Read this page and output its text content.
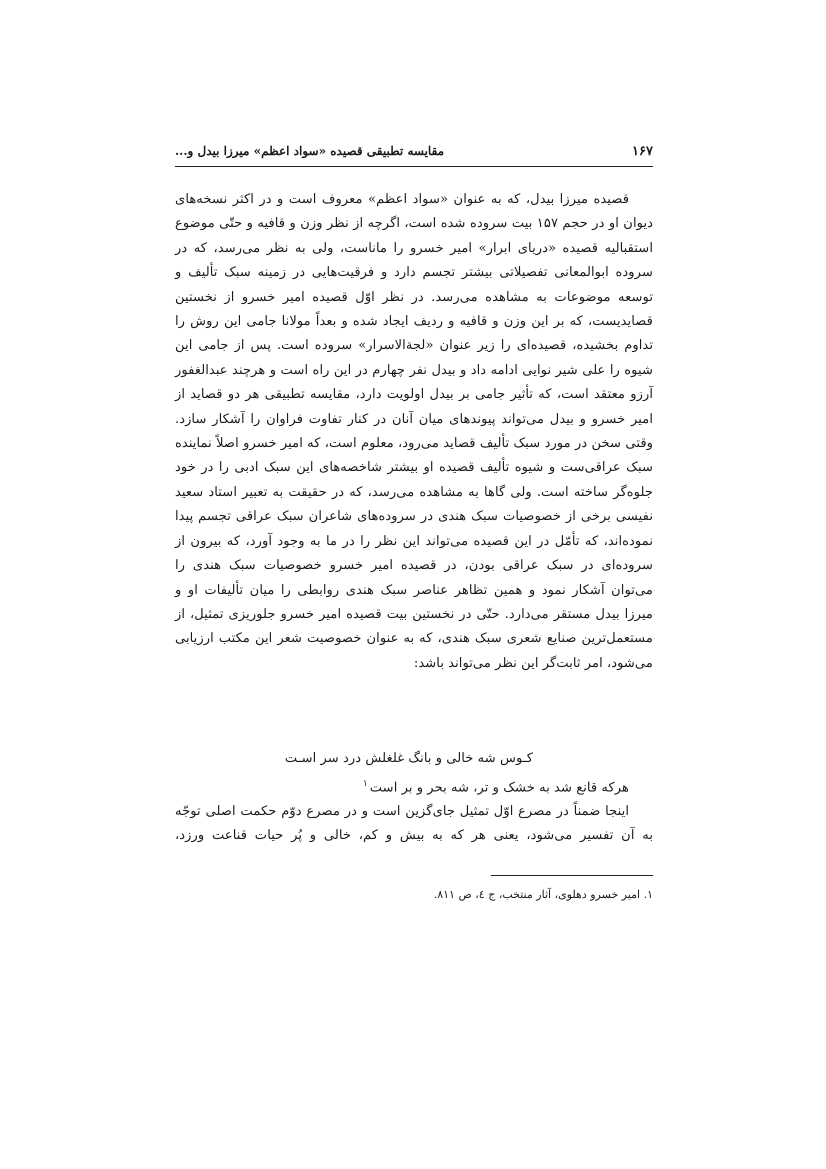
۱۶۷
مقایسه تطبیقی قصیده «سواد اعظم» میرزا بیدل و...

قصیده میرزا بیدل، که به عنوان «سواد اعظم» معروف است و در اکثر نسخه‌های دیوان او در حجم ۱۵۷ بیت سروده شده است، اگرچه از نظر وزن و قافیه و حتّی موضوع استقبالیه قصیده «دریای ابرار» امیر خسرو را ماناست، ولی به نظر می‌رسد، که در سروده ابوالمعانی تفصیلاتی بیشتر تجسم دارد و فرقیت‌هایی در زمینه سبک تألیف و توسعه موضوعات به مشاهده می‌رسد. در نظر اوّل قصیده امیر خسرو از نخستین قصایدیست، که بر این وزن و قافیه و ردیف ایجاد شده و بعداً مولانا جامی این روش را تداوم بخشیده، قصیده‌ای را زیر عنوان «لجةالاسرار» سروده است. پس از جامی این شیوه را علی شیر نوایی ادامه داد و بیدل نفر چهارم در این راه است و هرچند عبدالغفور آرزو معتقد است، که تأثیر جامی بر بیدل اولویت دارد، مقایسه تطبیقی هر دو قصاید از امیر خسرو و بیدل می‌تواند پیوندهای میان آنان در کنار تفاوت فراوان را آشکار سازد. وقتی سخن در مورد سبک تألیف قصاید می‌رود، معلوم است، که امیر خسرو اصلاً نماینده سبک عراقی‌ست و شیوه تألیف قصیده او بیشتر شاخصه‌های این سبک ادبی را در خود جلوه‌گر ساخته است. ولی گاها به مشاهده می‌رسد، که در حقیقت به تعبیر استاد سعید نفیسی برخی از خصوصیات سبک هندی در سروده‌های شاعران سبک عراقی تجسم پیدا نموده‌اند، که تأمّل در این قصیده می‌تواند این نظر را در ما به وجود آورد، که بیرون از سروده‌ای در سبک عراقی بودن، در قصیده امیر خسرو خصوصیات سبک هندی را می‌توان آشکار نمود و همین تظاهر عناصر سبک هندی روابطی را میان تألیفات او و میرزا بیدل مستقر می‌دارد. حتّی در نخستین بیت قصیده امیر خسرو جلوریزی تمثیل، از مستعمل‌ترین صنایع شعری سبک هندی، که به عنوان خصوصیت شعر این مکتب ارزیابی می‌شود، امر ثابت‌گر این نظر می‌تواند باشد:

کـوس شه خالی و بانگ غلغلش درد سر اسـت
هرکه قانع شد به خشک و تر، شه بحر و بر است$^۱$

اینجا ضمناً در مصرع اوّل تمثیل جای‌گزین است و در مصرع دوّم حکمت اصلی توجّه به آن تفسیر می‌شود، یعنی هر که به بیش و کم، خالی و پُر حیات قناعت ورزد،

۱. امیر خسرو دهلوی، آثار منتخب، ج ٤، ص ۸۱۱.
